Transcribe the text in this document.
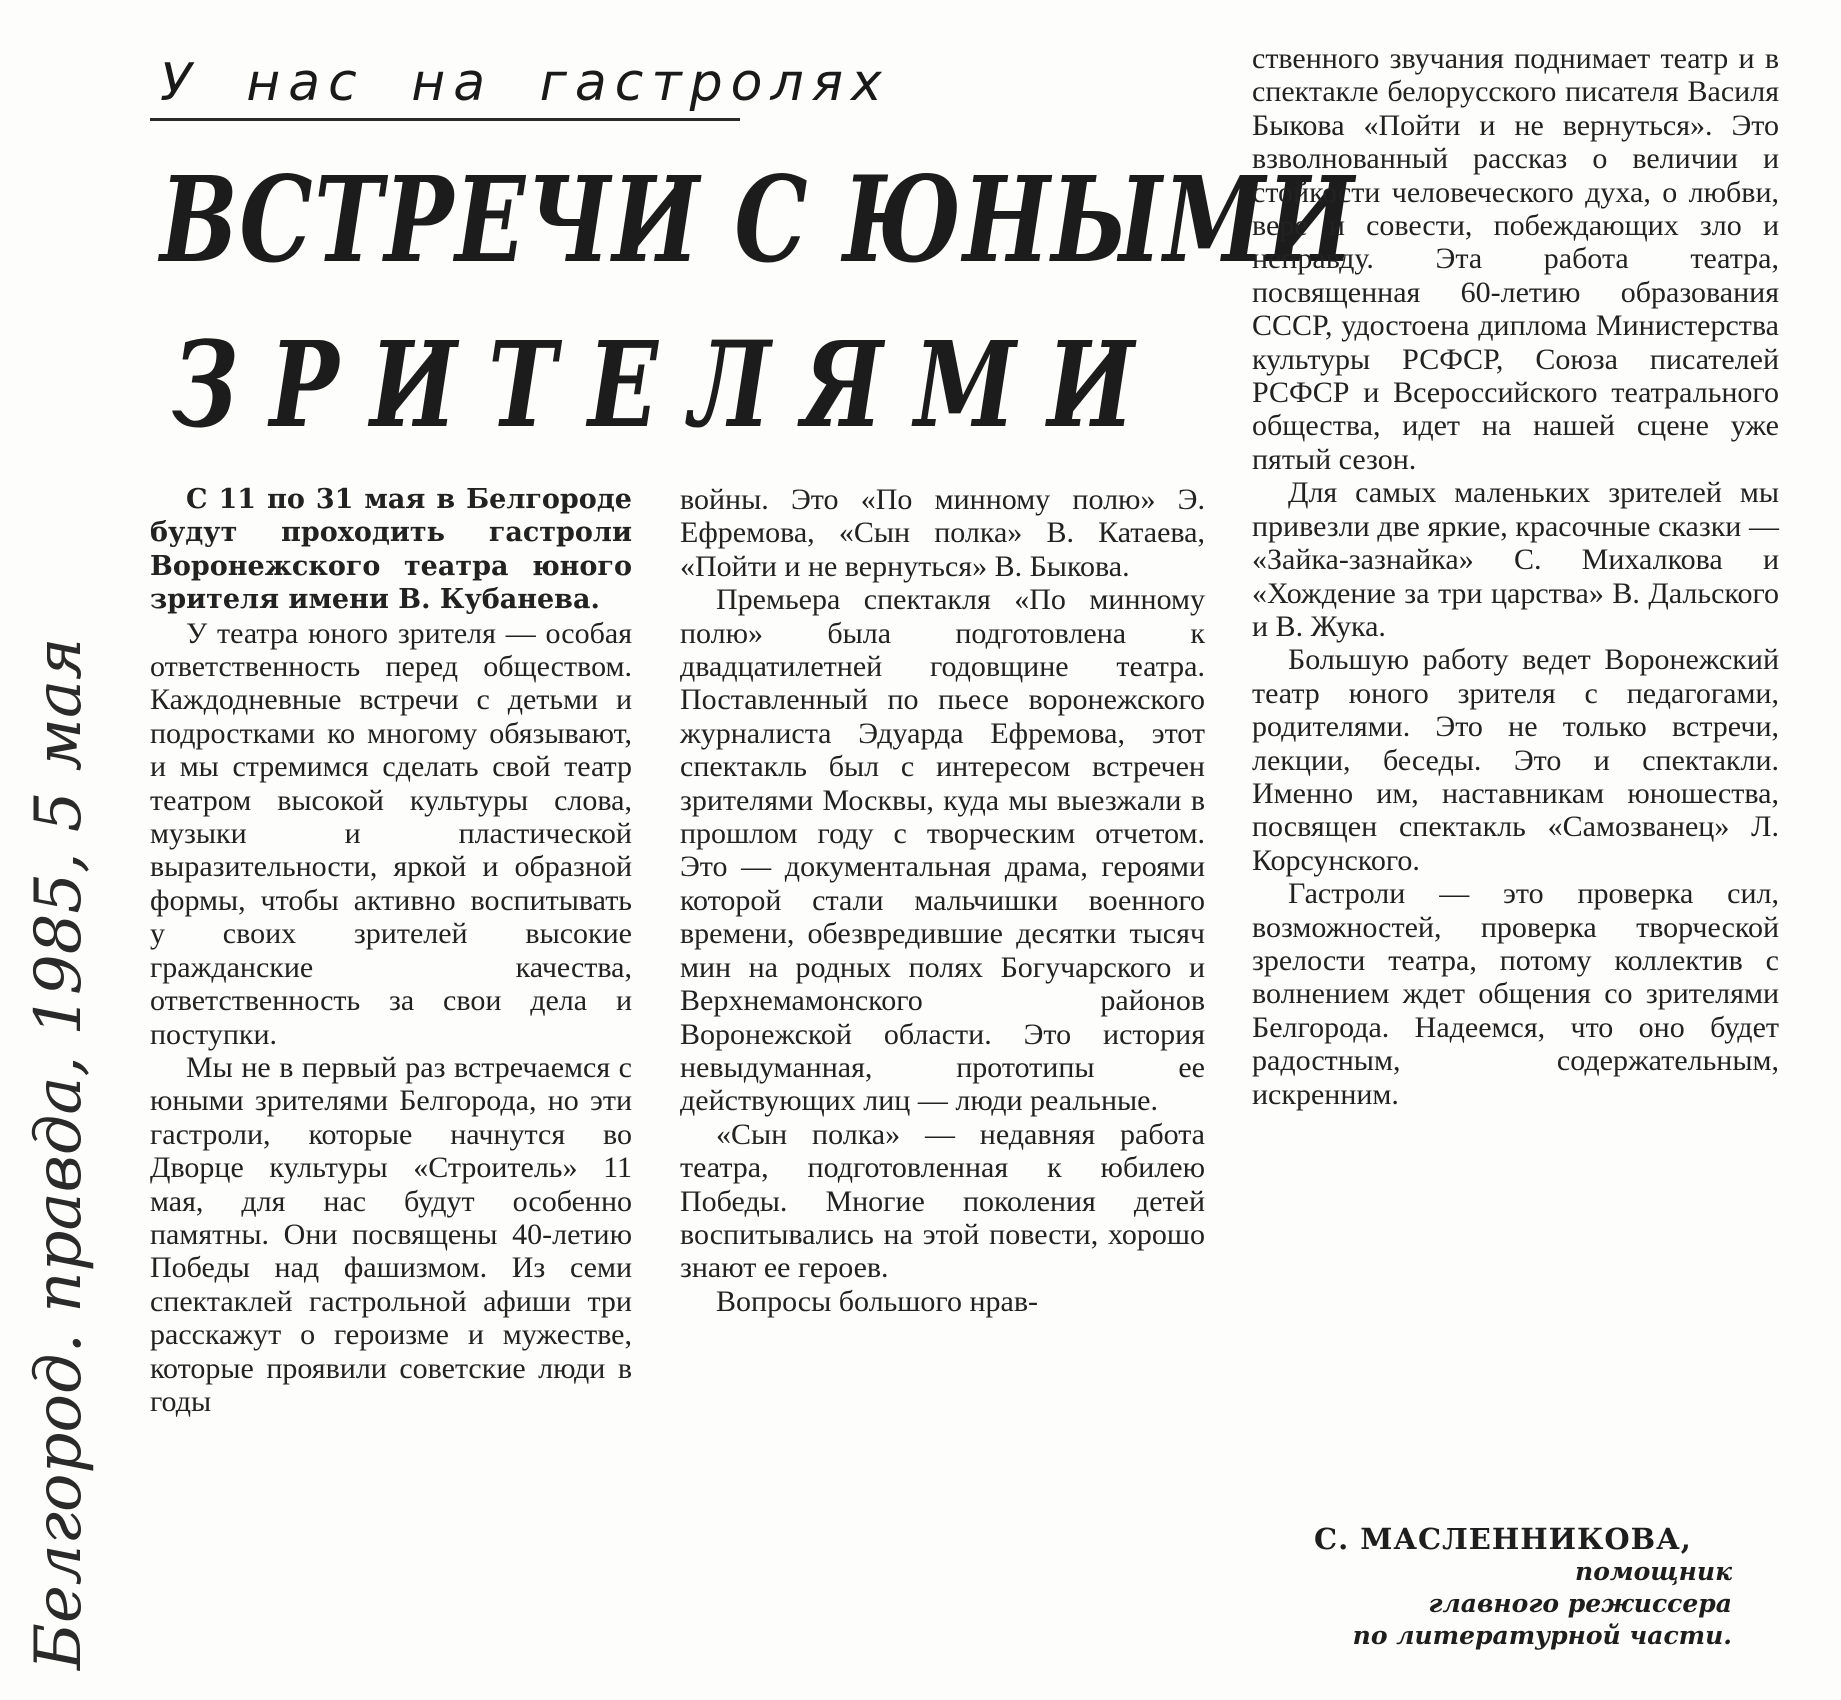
У нас на гастролях
ВСТРЕЧИ С ЮНЫМИ
ЗРИТЕЛЯМИ

С 11 по 31 мая в Белгороде будут проходить гастроли Воронежского театра юного зрителя имени В. Кубанева.

У театра юного зрителя — особая ответственность перед обществом. Каждодневные встречи с детьми и подростками ко многому обязывают, и мы стремимся сделать свой театр театром высокой культуры слова, музыки и пластической выразительности, яркой и образной формы, чтобы активно воспитывать у своих зрителей высокие гражданские качества, ответственность за свои дела и поступки.

Мы не в первый раз встречаемся с юными зрителями Белгорода, но эти гастроли, которые начнутся во Дворце культуры «Строитель» 11 мая, для нас будут особенно памятны. Они посвящены 40-летию Победы над фашизмом. Из семи спектаклей гастрольной афиши три расскажут о героизме и мужестве, которые проявили советские люди в годы

войны. Это «По минному полю» Э. Ефремова, «Сын полка» В. Катаева, «Пойти и не вернуться» В. Быкова.

Премьера спектакля «По минному полю» была подготовлена к двадцатилетней годовщине театра. Поставленный по пьесе воронежского журналиста Эдуарда Ефремова, этот спектакль был с интересом встречен зрителями Москвы, куда мы выезжали в прошлом году с творческим отчетом. Это — документальная драма, героями которой стали мальчишки военного времени, обезвредившие десятки тысяч мин на родных полях Богучарского и Верхнемамонского районов Воронежской области. Это история невыдуманная, прототипы ее действующих лиц — люди реальные.

«Сын полка» — недавняя работа театра, подготовленная к юбилею Победы. Многие поколения детей воспитывались на этой повести, хорошо знают ее героев.

Вопросы большого нрав-

ственного звучания поднимает театр и в спектакле белорусского писателя Василя Быкова «Пойти и не вернуться». Это взволнованный рассказ о величии и стойкости человеческого духа, о любви, вере и совести, побеждающих зло и неправду. Эта работа театра, посвященная 60-летию образования СССР, удостоена диплома Министерства культуры РСФСР, Союза писателей РСФСР и Всероссийского театрального общества, идет на нашей сцене уже пятый сезон.

Для самых маленьких зрителей мы привезли две яркие, красочные сказки — «Зайка-зазнайка» С. Михалкова и «Хождение за три царства» В. Дальского и В. Жука.

Большую работу ведет Воронежский театр юного зрителя с педагогами, родителями. Это не только встречи, лекции, беседы. Это и спектакли. Именно им, наставникам юношества, посвящен спектакль «Самозванец» Л. Корсунского.

Гастроли — это проверка сил, возможностей, проверка творческой зрелости театра, потому коллектив с волнением ждет общения со зрителями Белгорода. Надеемся, что оно будет радостным, содержательным, искренним.

С. МАСЛЕННИКОВА,
помощник
главного режиссера
по литературной части.
Белгород. правда, 1985, 5 мая
